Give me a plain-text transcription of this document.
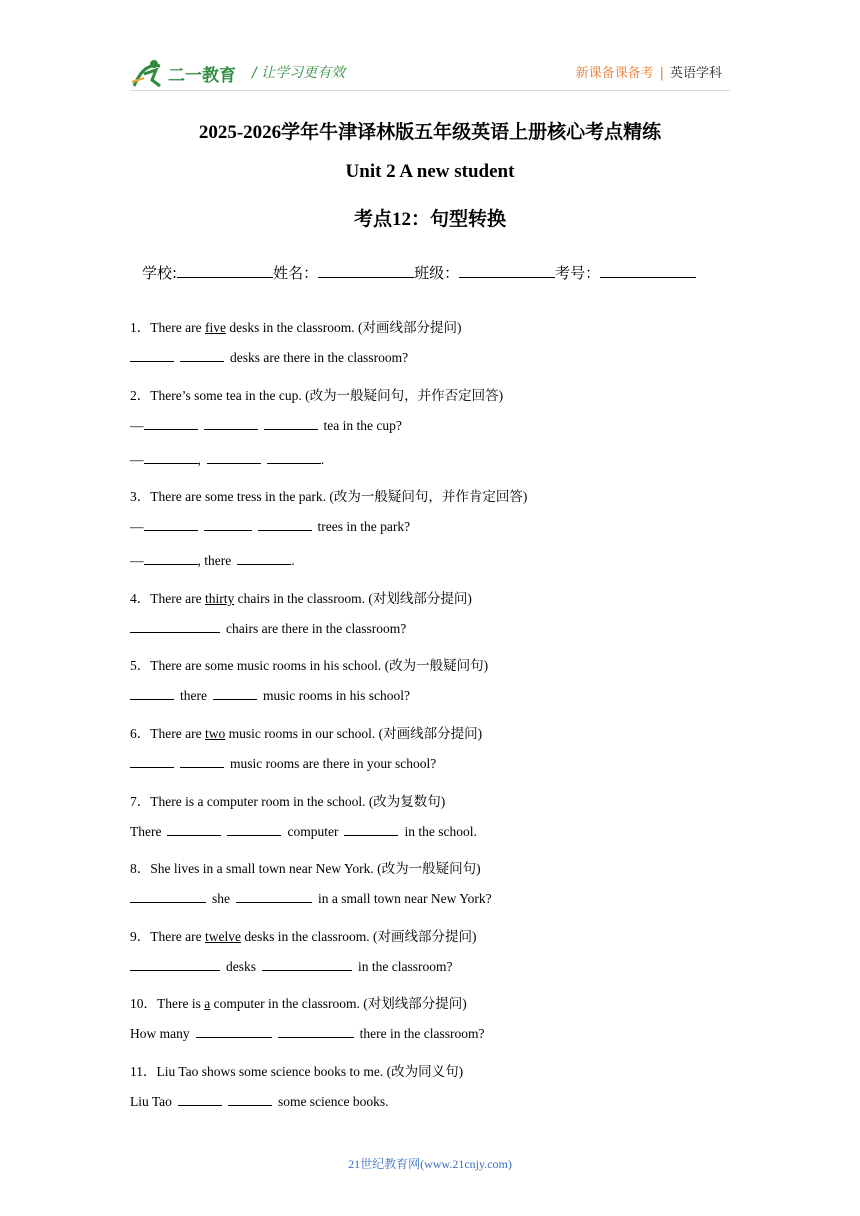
二一教育 / 让学习更有效	新课备课备考 | 英语学科
2025-2026学年牛津译林版五年级英语上册核心考点精练
Unit 2 A new student
考点12：句型转换
学校:	姓名：	班级：	考号：
1．There are five desks in the classroom. (对画线部分提问)
desks are there in the classroom?
2．There’s some tea in the cup. (改为一般疑问句，并作否定回答)
—	tea in the cup?
—	,	.
3．There are some tress in the park. (改为一般疑问句，并作肯定回答)
—	trees in the park?
—	, there	.
4．There are thirty chairs in the classroom. (对划线部分提问)
chairs are there in the classroom?
5．There are some music rooms in his school. (改为一般疑问句)
there	music rooms in his school?
6．There are two music rooms in our school. (对画线部分提问)
music rooms are there in your school?
7．There is a computer room in the school. (改为复数句)
There	computer	in the school.
8．She lives in a small town near New York. (改为一般疑问句)
she	in a small town near New York?
9．There are twelve desks in the classroom. (对画线部分提问)
desks	in the classroom?
10．There is a computer in the classroom. (对划线部分提问)
How many	there in the classroom?
11．Liu Tao shows some science books to me. (改为同义句)
Liu Tao	some science books.
21世纪教育网(www.21cnjy.com)
